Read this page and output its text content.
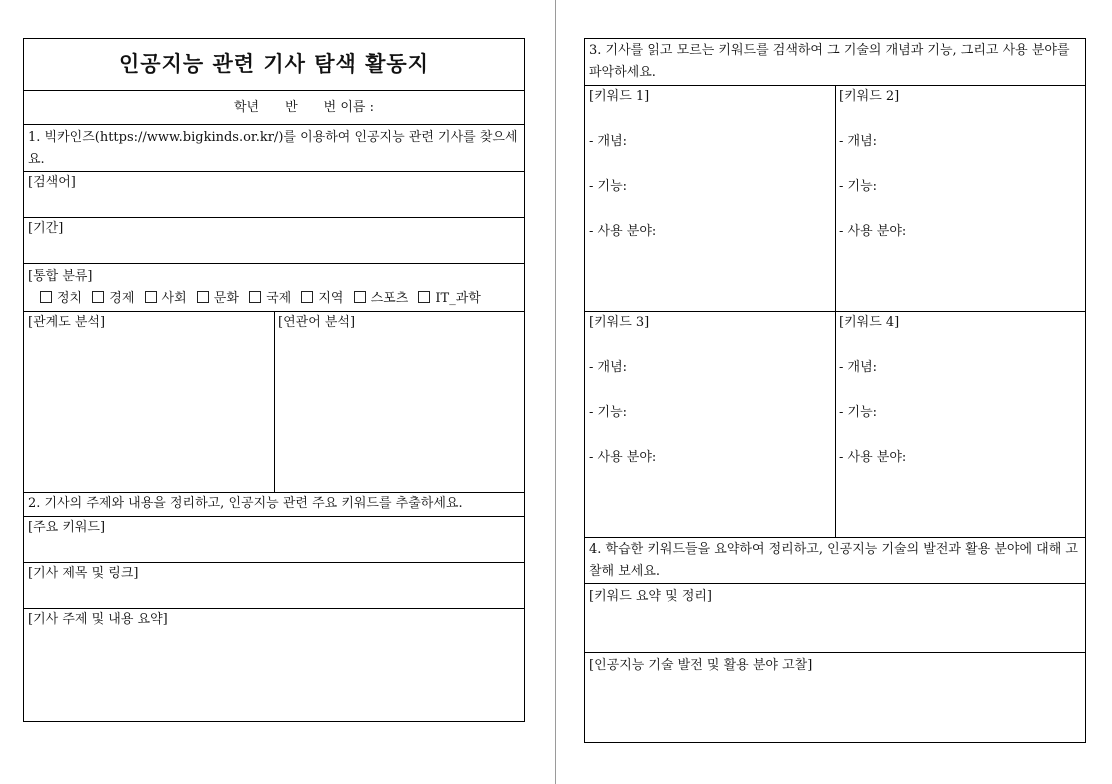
인공지능 관련 기사 탐색 활동지
학년　　반　　번 이름 :
1. 빅카인즈(https://www.bigkinds.or.kr/)를 이용하여 인공지능 관련 기사를 찾으세요.
[검색어]
[기간]
[통합 분류]
정치 경제 사회 문화 국제 지역 스포츠 IT_과학
[관계도 분석]	[연관어 분석]
2. 기사의 주제와 내용을 정리하고, 인공지능 관련 주요 키워드를 추출하세요.
[주요 키워드]
[기사 제목 및 링크]
[기사 주제 및 내용 요약]
3. 기사를 읽고 모르는 키워드를 검색하여 그 기술의 개념과 기능, 그리고 사용 분야를 파악하세요.
[키워드 1]
- 개념:
- 기능:
- 사용 분야:
[키워드 2]
- 개념:
- 기능:
- 사용 분야:
[키워드 3]
- 개념:
- 기능:
- 사용 분야:
[키워드 4]
- 개념:
- 기능:
- 사용 분야:
4. 학습한 키워드들을 요약하여 정리하고, 인공지능 기술의 발전과 활용 분야에 대해 고찰해 보세요.
[키워드 요약 및 정리]
[인공지능 기술 발전 및 활용 분야 고찰]
